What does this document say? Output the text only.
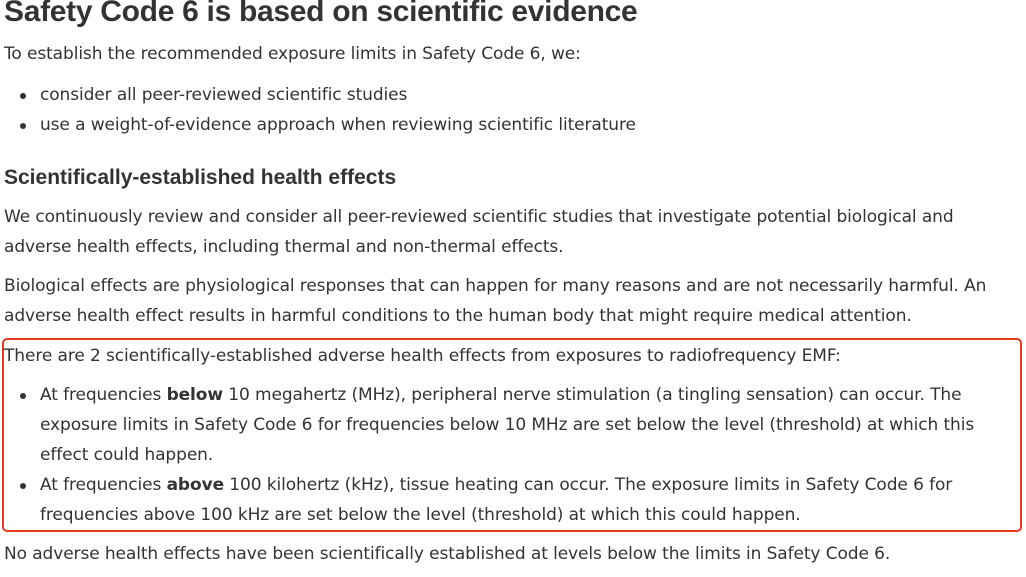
Safety Code 6 is based on scientific evidence

To establish the recommended exposure limits in Safety Code 6, we:

consider all peer-reviewed scientific studies
use a weight-of-evidence approach when reviewing scientific literature
Scientifically-established health effects

We continuously review and consider all peer-reviewed scientific studies that investigate potential biological and adverse health effects, including thermal and non-thermal effects.

Biological effects are physiological responses that can happen for many reasons and are not necessarily harmful. An adverse health effect results in harmful conditions to the human body that might require medical attention.

There are 2 scientifically-established adverse health effects from exposures to radiofrequency EMF:

At frequencies below 10 megahertz (MHz), peripheral nerve stimulation (a tingling sensation) can occur. The exposure limits in Safety Code 6 for frequencies below 10 MHz are set below the level (threshold) at which this effect could happen.
At frequencies above 100 kilohertz (kHz), tissue heating can occur. The exposure limits in Safety Code 6 for frequencies above 100 kHz are set below the level (threshold) at which this could happen.

No adverse health effects have been scientifically established at levels below the limits in Safety Code 6.
